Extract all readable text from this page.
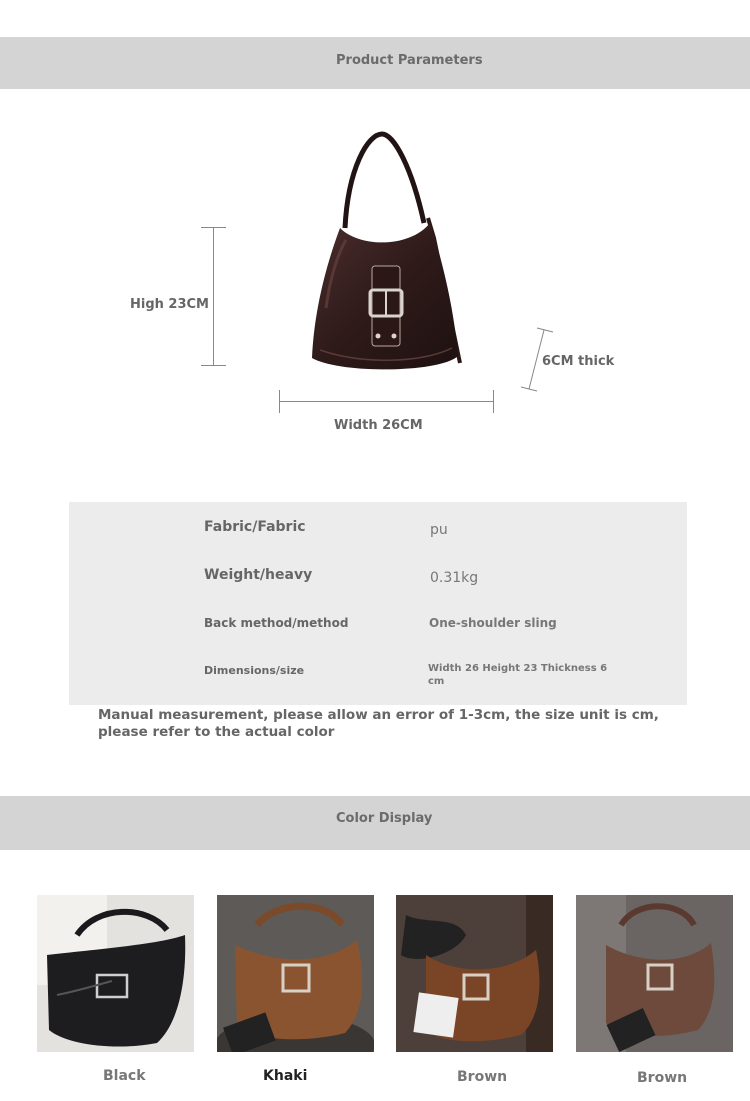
Product Parameters
High 23CM
Width 26CM
6CM thick
Fabric/Fabric	pu
Weight/heavy	0.31kg
Back method/method	One-shoulder sling
Dimensions/size	Width 26 Height 23 Thickness 6 cm
Manual measurement, please allow an error of 1-3cm, the size unit is cm, please refer to the actual color
Color Display
Black	Khaki	Brown	Brown
